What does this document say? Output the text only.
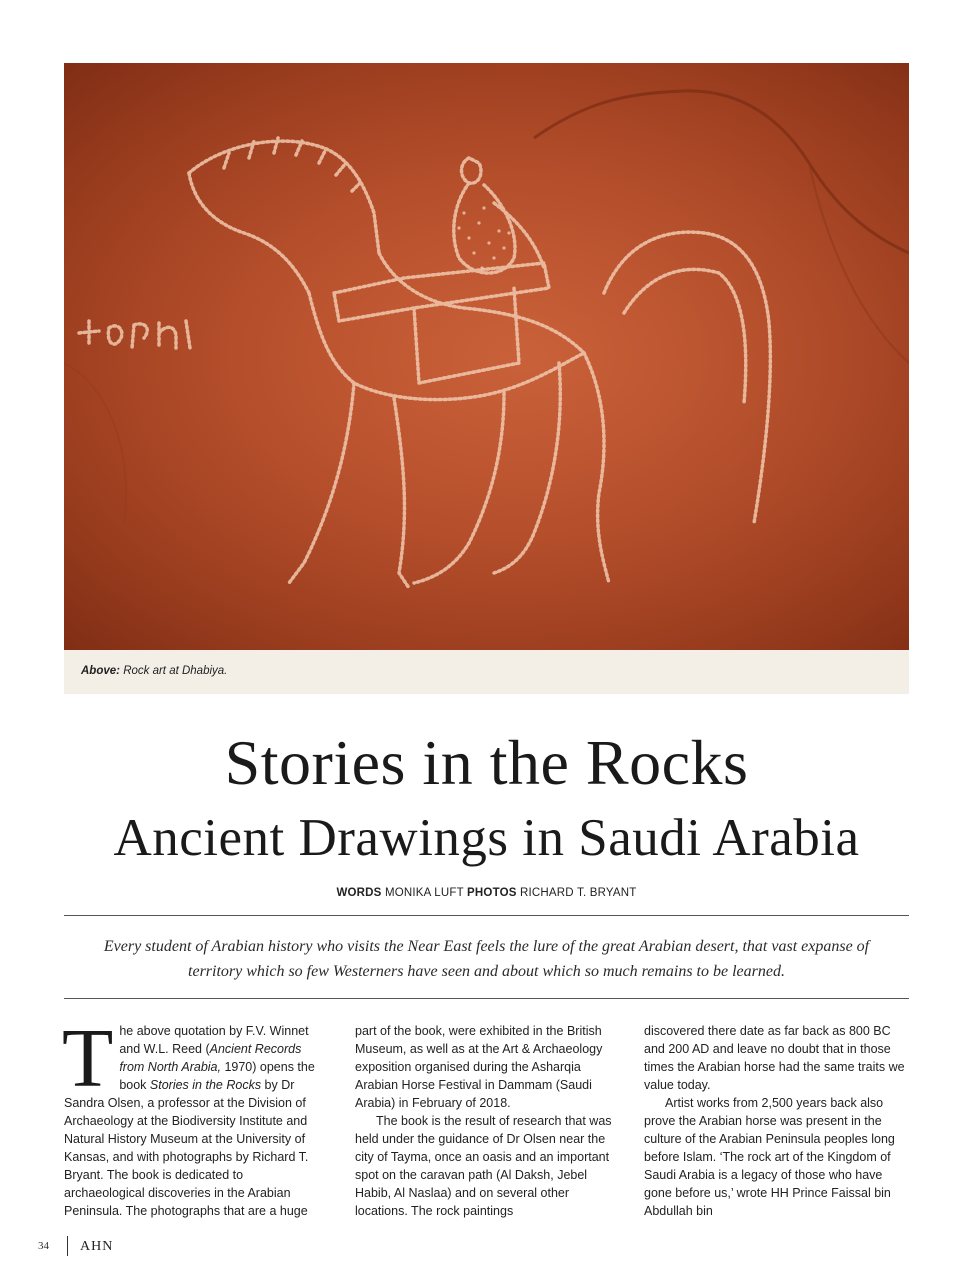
Above: Rock art at Dhabiya.
Stories in the Rocks
Ancient Drawings in Saudi Arabia
WORDS MONIKA LUFT PHOTOS RICHARD T. BRYANT
Every student of Arabian history who visits the Near East feels the lure of the great Arabian desert, that vast expanse of territory which so few Westerners have seen and about which so much remains to be learned.

The above quotation by F.V. Winnet and W.L. Reed (Ancient Records from North Arabia, 1970) opens the book Stories in the Rocks by Dr Sandra Olsen, a professor at the Division of Archaeology at the Biodiversity Institute and Natural History Museum at the University of Kansas, and with photographs by Richard T. Bryant. The book is dedicated to archaeological discoveries in the Arabian Peninsula. The photographs that are a huge

part of the book, were exhibited in the British Museum, as well as at the Art & Archaeology exposition organised during the Asharqia Arabian Horse Festival in Dammam (Saudi Arabia) in February of 2018.

The book is the result of research that was held under the guidance of Dr Olsen near the city of Tayma, once an oasis and an important spot on the caravan path (Al Daksh, Jebel Habib, Al Naslaa) and on several other locations. The rock paintings

discovered there date as far back as 800 BC and 200 AD and leave no doubt that in those times the Arabian horse had the same traits we value today.

Artist works from 2,500 years back also prove the Arabian horse was present in the culture of the Arabian Peninsula peoples long before Islam. ‘The rock art of the Kingdom of Saudi Arabia is a legacy of those who have gone before us,’ wrote HH Prince Faissal bin Abdullah bin

34 AHN
